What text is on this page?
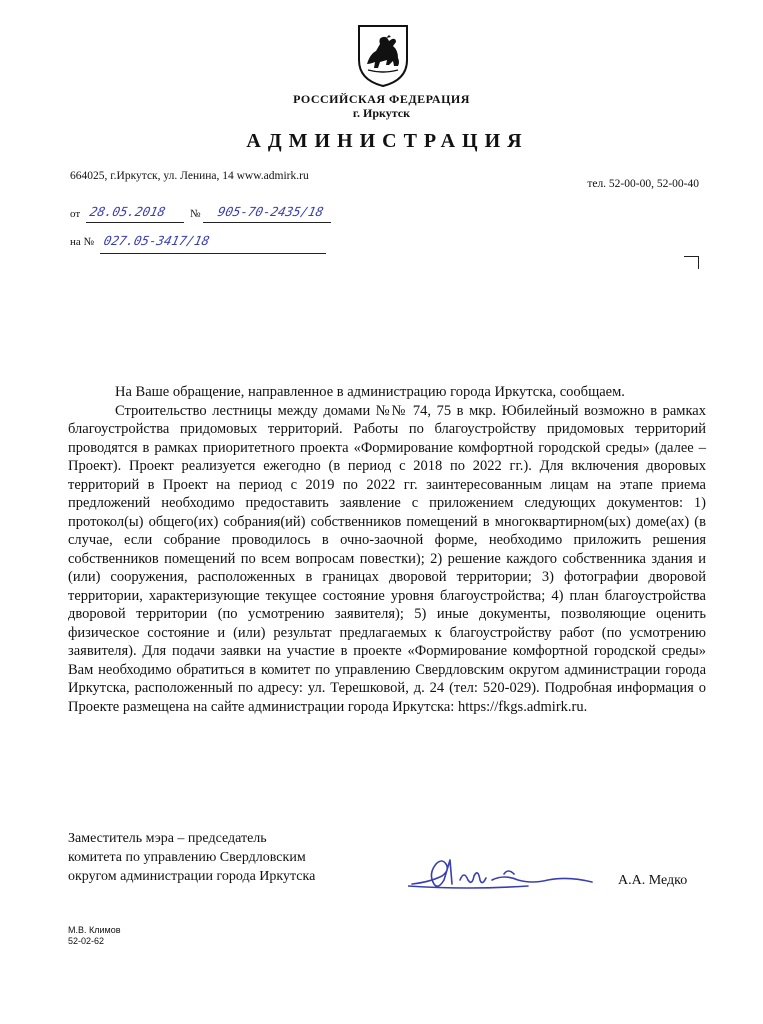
РОССИЙСКАЯ ФЕДЕРАЦИЯ
г. Иркутск
АДМИНИСТРАЦИЯ
664025, г.Иркутск, ул. Ленина, 14 www.admirk.ru
тел. 52-00-00, 52-00-40
от 28.05.2018 № 905-70-2435/18
на № 027.05-3417/18

На Ваше обращение, направленное в администрацию города Иркутска, сообщаем.

Строительство лестницы между домами №№ 74, 75 в мкр. Юбилейный возможно в рамках благоустройства придомовых территорий. Работы по благоустройству придомовых территорий проводятся в рамках приоритетного проекта «Формирование комфортной городской среды» (далее – Проект). Проект реализуется ежегодно (в период с 2018 по 2022 гг.). Для включения дворовых территорий в Проект на период с 2019 по 2022 гг. заинтересованным лицам на этапе приема предложений необходимо предоставить заявление с приложением следующих документов: 1) протокол(ы) общего(их) собрания(ий) собственников помещений в многоквартирном(ых) доме(ах) (в случае, если собрание проводилось в очно-заочной форме, необходимо приложить решения собственников помещений по всем вопросам повестки); 2) решение каждого собственника здания и (или) сооружения, расположенных в границах дворовой территории; 3) фотографии дворовой территории, характеризующие текущее состояние уровня благоустройства; 4) план благоустройства дворовой территории (по усмотрению заявителя); 5) иные документы, позволяющие оценить физическое состояние и (или) результат предлагаемых к благоустройству работ (по усмотрению заявителя). Для подачи заявки на участие в проекте «Формирование комфортной городской среды» Вам необходимо обратиться в комитет по управлению Свердловским округом администрации города Иркутска, расположенный по адресу: ул. Терешковой, д. 24 (тел: 520-029). Подробная информация о Проекте размещена на сайте администрации города Иркутска: https://fkgs.admirk.ru.

Заместитель мэра – председатель
комитета по управлению Свердловским
округом администрации города Иркутска	А.А. Медко
М.В. Климов
52-02-62
